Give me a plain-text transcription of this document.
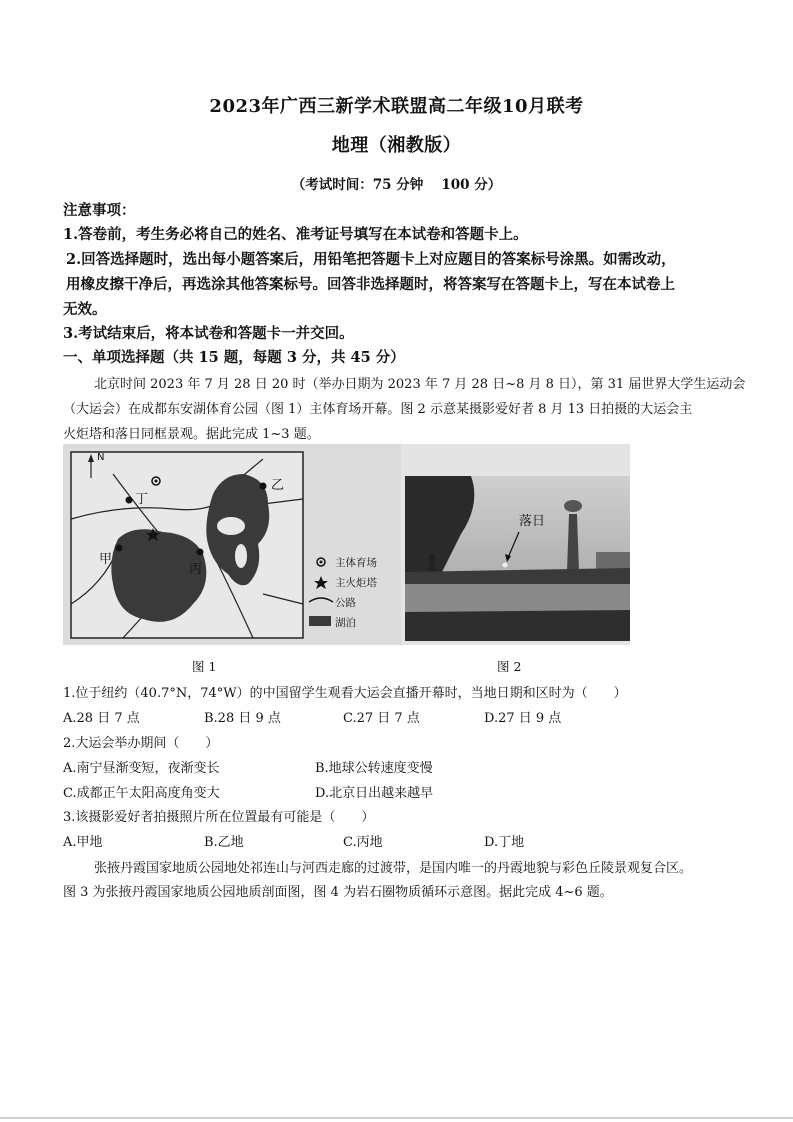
2023年广西三新学术联盟高二年级10月联考
地理（湘教版）
（考试时间：75 分钟　 100 分）
注意事项：
1.答卷前，考生务必将自己的姓名、准考证号填写在本试卷和答题卡上。
2.回答选择题时，选出每小题答案后，用铅笔把答题卡上对应题目的答案标号涂黑。如需改动，
用橡皮擦干净后，再选涂其他答案标号。回答非选择题时，将答案写在答题卡上，写在本试卷上
无效。
3.考试结束后，将本试卷和答题卡一并交回。
一、单项选择题（共 15 题，每题 3 分，共 45 分）
北京时间 2023 年 7 月 28 日 20 时（举办日期为 2023 年 7 月 28 日~8 月 8 日），第 31 届世界大学生运动会
（大运会）在成都东安湖体育公园（图 1）主体育场开幕。图 2 示意某摄影爱好者 8 月 13 日拍摄的大运会主
火炬塔和落日同框景观。据此完成 1~3 题。
N
丁
甲
丙
乙
主体育场
主火炬塔
公路
湖泊
落日
图 1	图 2
1.位于纽约（40.7°N，74°W）的中国留学生观看大运会直播开幕时，当地日期和区时为（　　）
A.28 日 7 点	B.28 日 9 点	C.27 日 7 点	D.27 日 9 点
2.大运会举办期间（　　）
A.南宁昼渐变短，夜渐变长	B.地球公转速度变慢
C.成都正午太阳高度角变大	D.北京日出越来越早
3.该摄影爱好者拍摄照片所在位置最有可能是（　　）
A.甲地	B.乙地	C.丙地	D.丁地
张掖丹霞国家地质公园地处祁连山与河西走廊的过渡带，是国内唯一的丹霞地貌与彩色丘陵景观复合区。
图 3 为张掖丹霞国家地质公园地质剖面图，图 4 为岩石圈物质循环示意图。据此完成 4~6 题。
